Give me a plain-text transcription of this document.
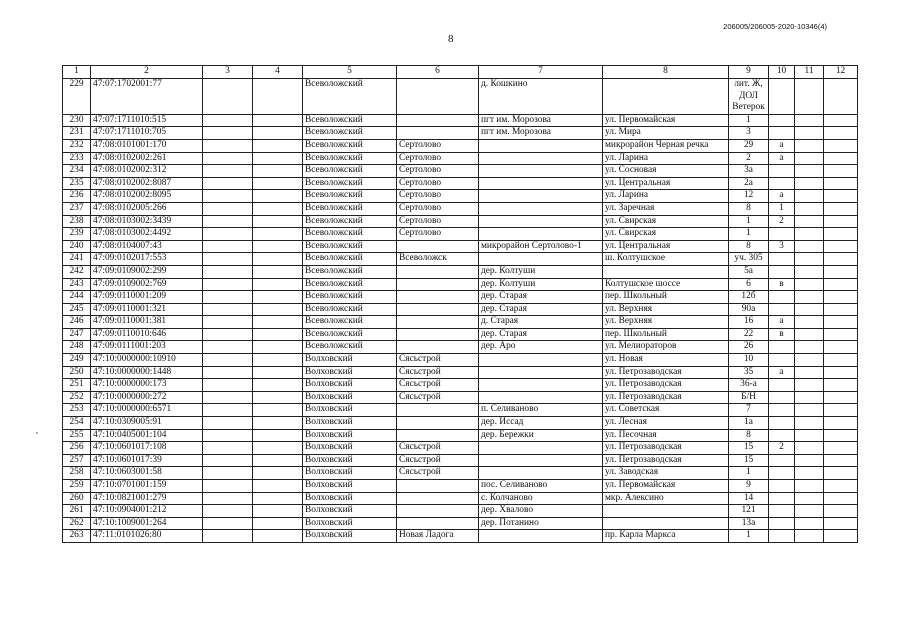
206005/206005-2020-10346(4)
8
1	2	3	4	5	6	7	8	9	10	11	12
229	47:07:1702001:77			Всеволожский		д. Кошкино		лит. Ж, ДОЛ Ветерок			
230	47:07:1711010:515			Всеволожский		пгт им. Морозова	ул. Первомайская	1			
231	47:07:1711010:705			Всеволожский		пгт им. Морозова	ул. Мира	3			
232	47:08:0101001:170			Всеволожский	Сертолово		микрорайон Черная речка	29	а		
233	47:08:0102002:261			Всеволожский	Сертолово		ул. Ларина	2	а		
234	47:08:0102002:312			Всеволожский	Сертолово		ул. Сосновая	3а			
235	47:08:0102002:8087			Всеволожский	Сертолово		ул. Центральная	2а			
236	47:08:0102002:8095			Всеволожский	Сертолово		ул. Ларина	12	а		
237	47:08:0102005:266			Всеволожский	Сертолово		ул. Заречная	8	1		
238	47:08:0103002:3439			Всеволожский	Сертолово		ул. Свирская	1	2		
239	47:08:0103002:4492			Всеволожский	Сертолово		ул. Свирская	1			
240	47:08:0104007:43			Всеволожский		микрорайон Сертолово-1	ул. Центральная	8	3		
241	47:09:0102017:553			Всеволожский	Всеволожск		ш. Колтушское	уч. 305			
242	47:09:0109002:299			Всеволожский		дер. Колтуши		5а			
243	47:09:0109002:769			Всеволожский		дер. Колтуши	Колтушское шоссе	6	в		
244	47:09:0110001:209			Всеволожский		дер. Старая	пер. Школьный	12б			
245	47:09:0110001:321			Всеволожский		дер. Старая	ул. Верхняя	90а			
246	47:09:0110001:381			Всеволожский		д. Старая	ул. Верхняя	16	а		
247	47:09:0110010:646			Всеволожский		дер. Старая	пер. Школьный	22	в		
248	47:09:0111001:203			Всеволожский		дер. Аро	ул. Мелиораторов	26			
249	47:10:0000000:10910			Волховский	Сясьстрой		ул. Новая	10			
250	47:10:0000000:1448			Волховский	Сясьстрой		ул. Петрозаводская	35	а		
251	47:10:0000000:173			Волховский	Сясьстрой		ул. Петрозаводская	36-а			
252	47:10:0000000:272			Волховский	Сясьстрой		ул. Петрозаводская	Б/Н			
253	47:10:0000000:6571			Волховский		п. Селиваново	ул. Советская	7			
254	47:10:0309005:91			Волховский		дер. Иссад	ул. Лесная	1а			
255	47:10:0405001:104			Волховский		дер. Бережки	ул. Песочная	8			
256	47:10:0601017:108			Волховский	Сясьстрой		ул. Петрозаводская	15	2		
257	47:10:0601017:39			Волховский	Сясьстрой		ул. Петрозаводская	15			
258	47:10:0603001:58			Волховский	Сясьстрой		ул. Заводская	1			
259	47:10:0701001:159			Волховский		пос. Селиваново	ул. Первомайская	9			
260	47:10:0821001:279			Волховский		с. Колчаново	мкр. Алексино	14			
261	47:10:0904001:212			Волховский		дер. Хвалово		121			
262	47:10:1009001:264			Волховский		дер. Потанино		13а			
263	47:11:0101026:80			Волховский	Новая Ладога		пр. Карла Маркса	1			
